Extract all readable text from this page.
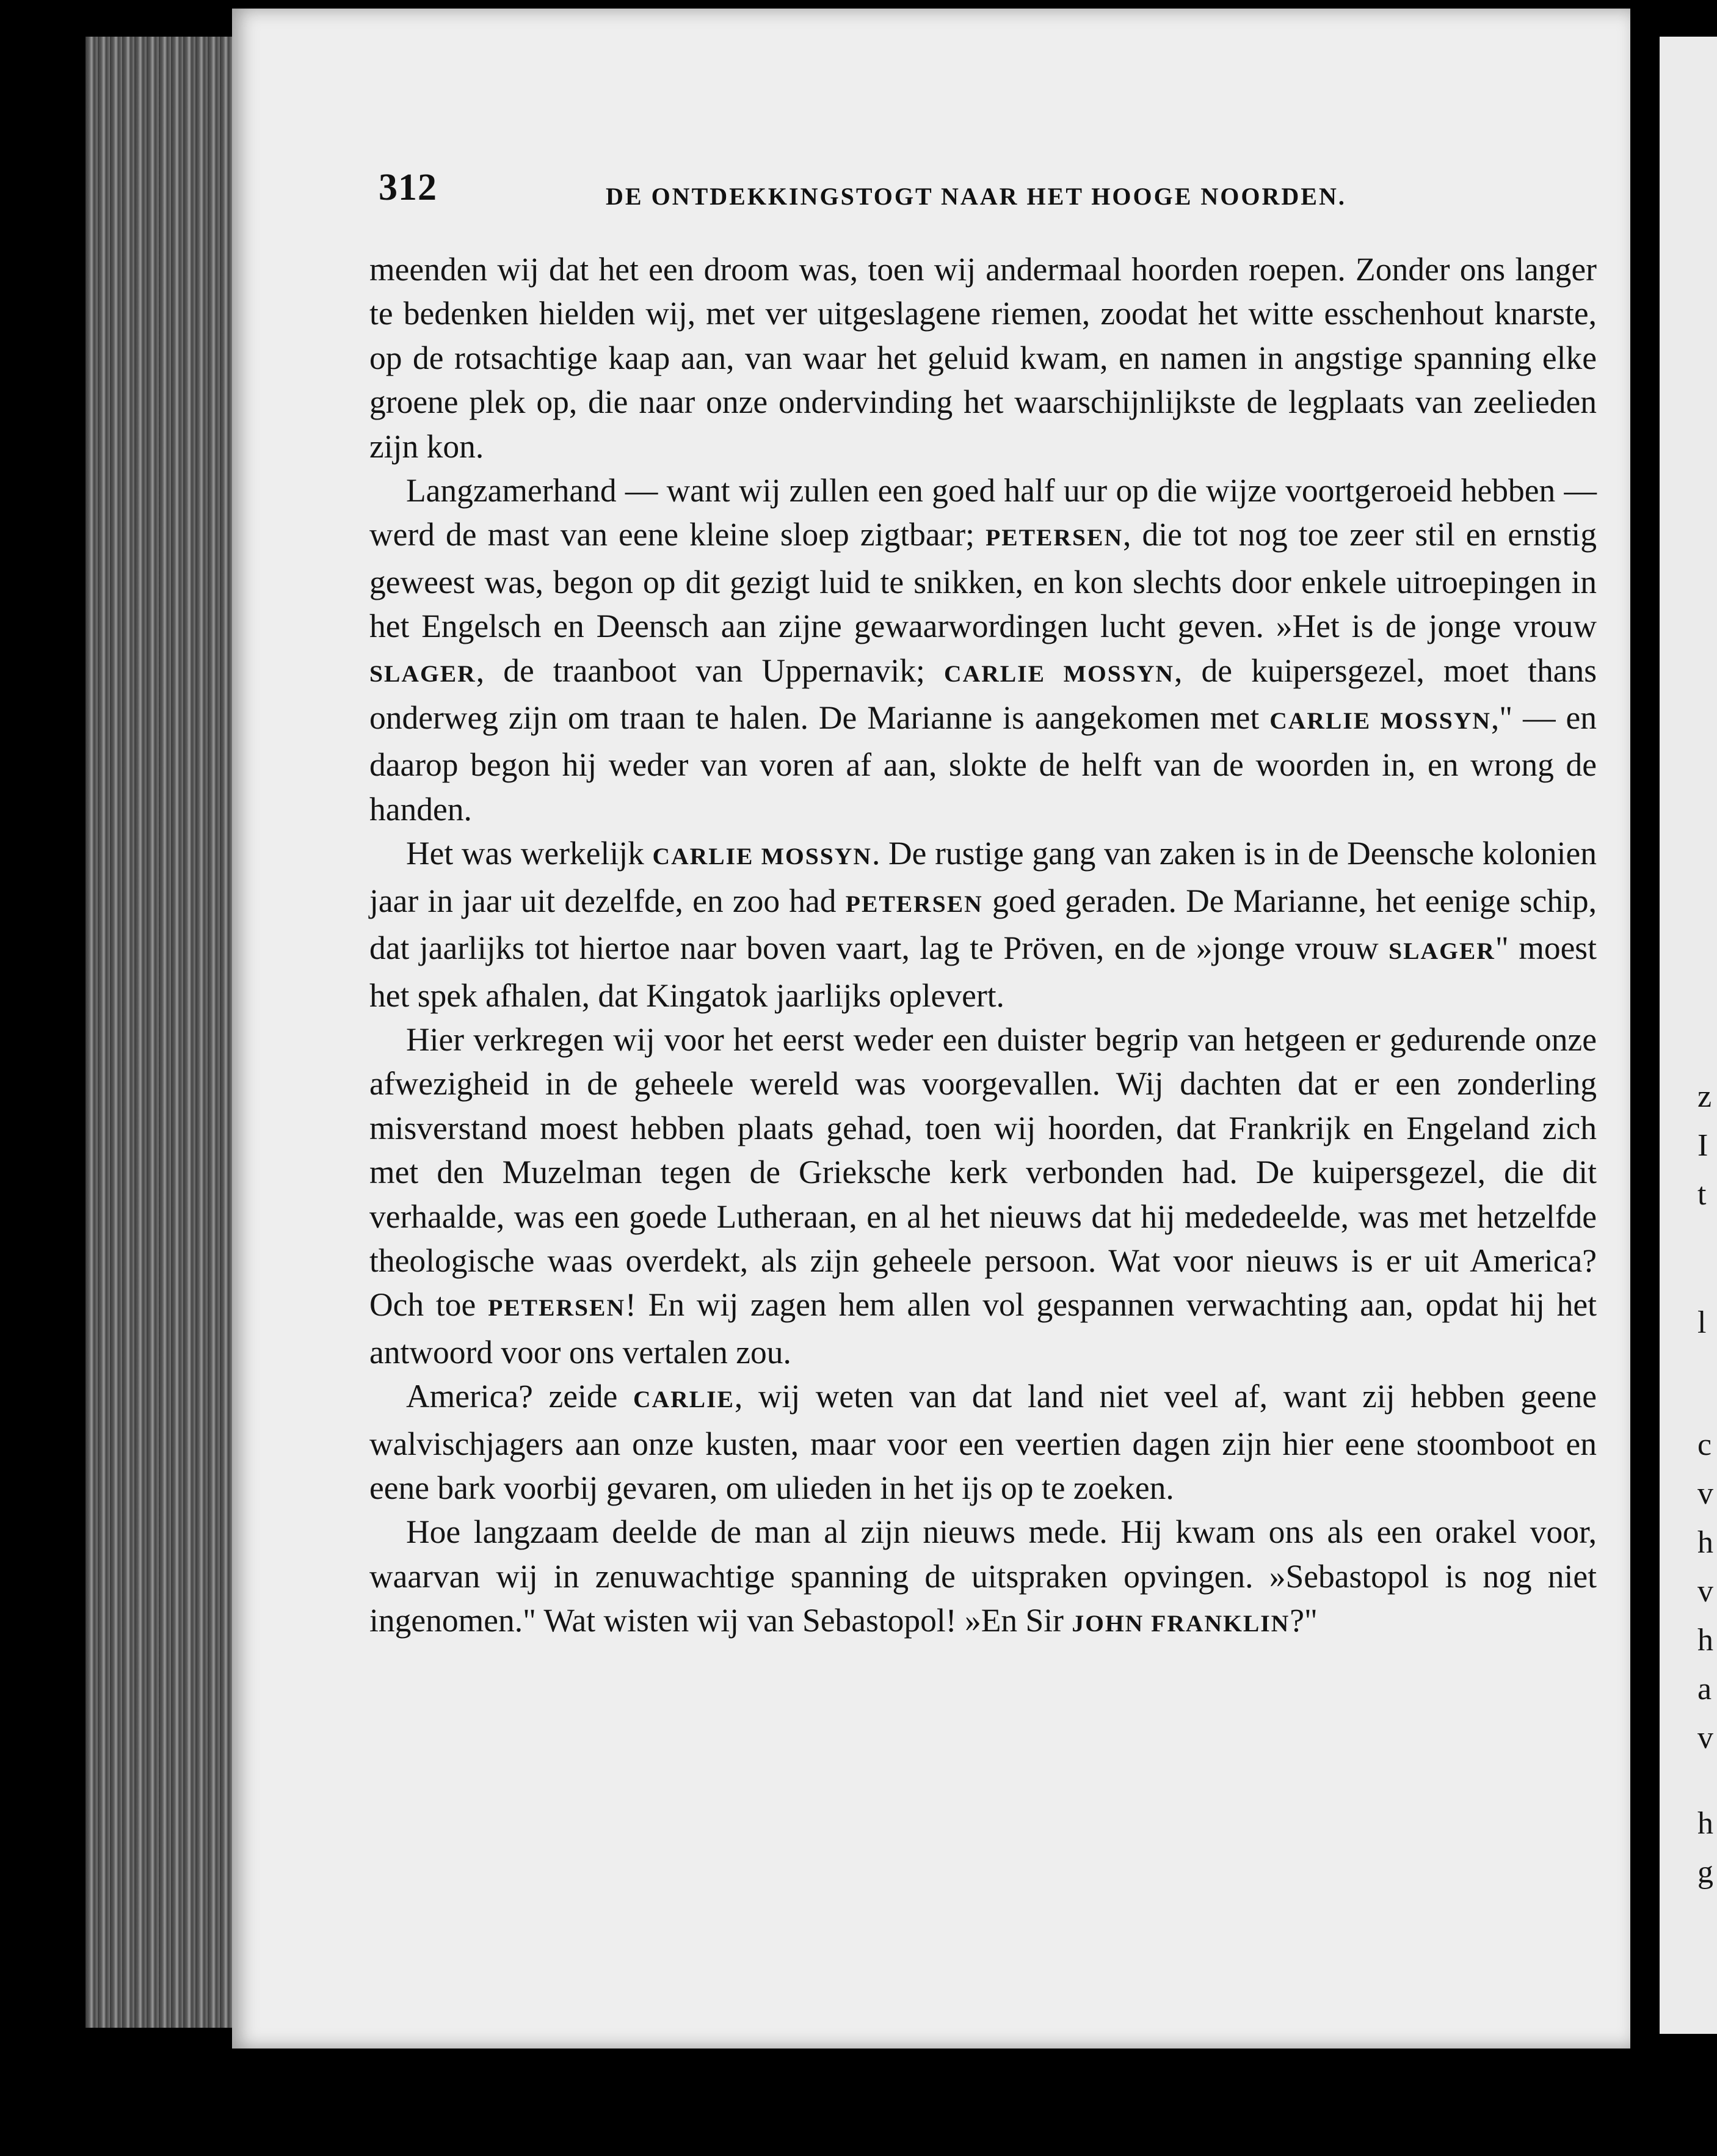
z
I
t
l
c
v
h
v
h
a
v
h
g
312	DE ONTDEKKINGSTOGT NAAR HET HOOGE NOORDEN.

meenden wij dat het een droom was, toen wij andermaal hoorden roepen. Zonder ons langer te bedenken hielden wij, met ver uitgeslagene riemen, zoodat het witte esschenhout knarste, op de rotsachtige kaap aan, van waar het geluid kwam, en namen in angstige spanning elke groene plek op, die naar onze ondervinding het waarschijnlijkste de legplaats van zeelieden zijn kon.

Langzamerhand — want wij zullen een goed half uur op die wijze voortgeroeid hebben — werd de mast van eene kleine sloep zigtbaar; PETERSEN, die tot nog toe zeer stil en ernstig geweest was, begon op dit gezigt luid te snikken, en kon slechts door enkele uitroepingen in het Engelsch en Deensch aan zijne gewaarwordingen lucht geven. »Het is de jonge vrouw SLAGER, de traanboot van Uppernavik; CARLIE MOSSYN, de kuipersgezel, moet thans onderweg zijn om traan te halen. De Marianne is aangekomen met CARLIE MOSSYN," — en daarop begon hij weder van voren af aan, slokte de helft van de woorden in, en wrong de handen.

Het was werkelijk CARLIE MOSSYN. De rustige gang van zaken is in de Deensche kolonien jaar in jaar uit dezelfde, en zoo had PETERSEN goed geraden. De Marianne, het eenige schip, dat jaarlijks tot hiertoe naar boven vaart, lag te Pröven, en de »jonge vrouw SLAGER" moest het spek afhalen, dat Kingatok jaarlijks oplevert.

Hier verkregen wij voor het eerst weder een duister begrip van hetgeen er gedurende onze afwezigheid in de geheele wereld was voorgevallen. Wij dachten dat er een zonderling misverstand moest hebben plaats gehad, toen wij hoorden, dat Frankrijk en Engeland zich met den Muzelman tegen de Grieksche kerk verbonden had. De kuipersgezel, die dit verhaalde, was een goede Lutheraan, en al het nieuws dat hij mededeelde, was met hetzelfde theologische waas overdekt, als zijn geheele persoon. Wat voor nieuws is er uit America? Och toe PETERSEN! En wij zagen hem allen vol gespannen verwachting aan, opdat hij het antwoord voor ons vertalen zou.

America? zeide CARLIE, wij weten van dat land niet veel af, want zij hebben geene walvischjagers aan onze kusten, maar voor een veertien dagen zijn hier eene stoomboot en eene bark voorbij gevaren, om ulieden in het ijs op te zoeken.

Hoe langzaam deelde de man al zijn nieuws mede. Hij kwam ons als een orakel voor, waarvan wij in zenuwachtige spanning de uitspraken opvingen. »Sebastopol is nog niet ingenomen." Wat wisten wij van Sebastopol! »En Sir JOHN FRANKLIN?"
